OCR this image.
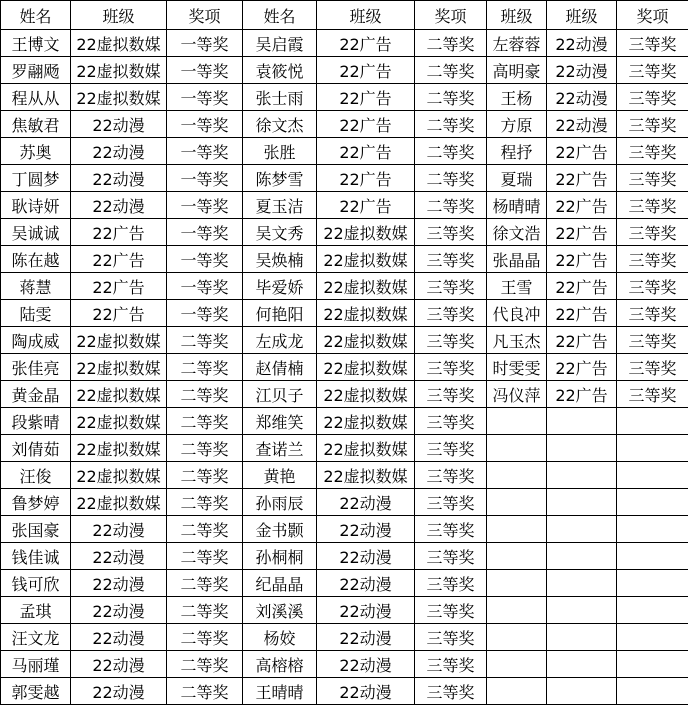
姓名	班级	奖项	姓名	班级	奖项	班级	班级	奖项
王博文	22虚拟数媒	一等奖	吴启霞	22广告	二等奖	左蓉蓉	22动漫	三等奖
罗翮飏	22虚拟数媒	一等奖	袁筱悦	22广告	二等奖	高明豪	22动漫	三等奖
程从从	22虚拟数媒	一等奖	张士雨	22广告	二等奖	王杨	22动漫	三等奖
焦敏君	22动漫	一等奖	徐文杰	22广告	二等奖	方原	22动漫	三等奖
苏奥	22动漫	一等奖	张胜	22广告	二等奖	程抒	22广告	三等奖
丁圆梦	22动漫	一等奖	陈梦雪	22广告	二等奖	夏瑞	22广告	三等奖
耿诗妍	22动漫	一等奖	夏玉洁	22广告	二等奖	杨晴晴	22广告	三等奖
吴诚诚	22广告	一等奖	吴文秀	22虚拟数媒	三等奖	徐文浩	22广告	三等奖
陈在越	22广告	一等奖	吴焕楠	22虚拟数媒	三等奖	张晶晶	22广告	三等奖
蒋慧	22广告	一等奖	毕爱娇	22虚拟数媒	三等奖	王雪	22广告	三等奖
陆雯	22广告	一等奖	何艳阳	22虚拟数媒	三等奖	代良冲	22广告	三等奖
陶成威	22虚拟数媒	二等奖	左成龙	22虚拟数媒	三等奖	凡玉杰	22广告	三等奖
张佳亮	22虚拟数媒	二等奖	赵倩楠	22虚拟数媒	三等奖	时雯雯	22广告	三等奖
黄金晶	22虚拟数媒	二等奖	江贝子	22虚拟数媒	三等奖	冯仪萍	22广告	三等奖
段紫晴	22虚拟数媒	二等奖	郑维笑	22虚拟数媒	三等奖			
刘倩茹	22虚拟数媒	二等奖	查诺兰	22虚拟数媒	三等奖			
汪俊	22虚拟数媒	二等奖	黄艳	22虚拟数媒	三等奖			
鲁梦婷	22虚拟数媒	二等奖	孙雨辰	22动漫	三等奖			
张国豪	22动漫	二等奖	金书颢	22动漫	三等奖			
钱佳诚	22动漫	二等奖	孙桐桐	22动漫	三等奖			
钱可欣	22动漫	二等奖	纪晶晶	22动漫	三等奖			
孟琪	22动漫	二等奖	刘溪溪	22动漫	三等奖			
汪文龙	22动漫	二等奖	杨姣	22动漫	三等奖			
马丽瑾	22动漫	二等奖	高榕榕	22动漫	三等奖			
郭雯越	22动漫	二等奖	王晴晴	22动漫	三等奖			
